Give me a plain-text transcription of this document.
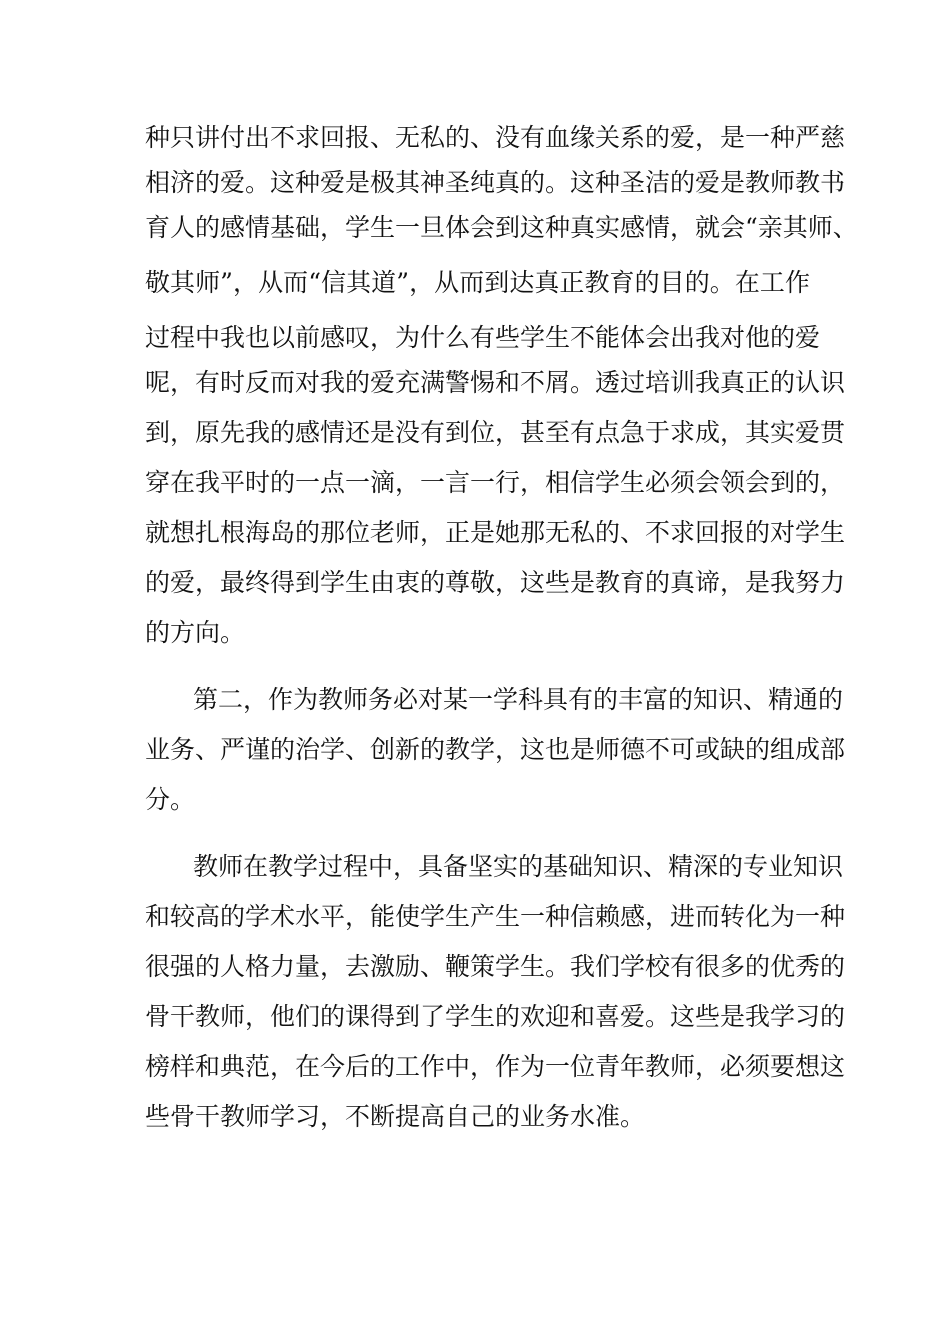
种只讲付出不求回报、无私的、没有血缘关系的爱，是一种严慈
相济的爱。这种爱是极其神圣纯真的。这种圣洁的爱是教师教书
育人的感情基础，学生一旦体会到这种真实感情，就会“亲其师、
敬其师”，从而“信其道”，从而到达真正教育的目的。在工作
过程中我也以前感叹，为什么有些学生不能体会出我对他的爱
呢，有时反而对我的爱充满警惕和不屑。透过培训我真正的认识
到，原先我的感情还是没有到位，甚至有点急于求成，其实爱贯
穿在我平时的一点一滴，一言一行，相信学生必须会领会到的，
就想扎根海岛的那位老师，正是她那无私的、不求回报的对学生
的爱，最终得到学生由衷的尊敬，这些是教育的真谛，是我努力
的方向。
第二，作为教师务必对某一学科具有的丰富的知识、精通的
业务、严谨的治学、创新的教学，这也是师德不可或缺的组成部
分。
教师在教学过程中，具备坚实的基础知识、精深的专业知识
和较高的学术水平，能使学生产生一种信赖感，进而转化为一种
很强的人格力量，去激励、鞭策学生。我们学校有很多的优秀的
骨干教师，他们的课得到了学生的欢迎和喜爱。这些是我学习的
榜样和典范，在今后的工作中，作为一位青年教师，必须要想这
些骨干教师学习，不断提高自己的业务水准。
